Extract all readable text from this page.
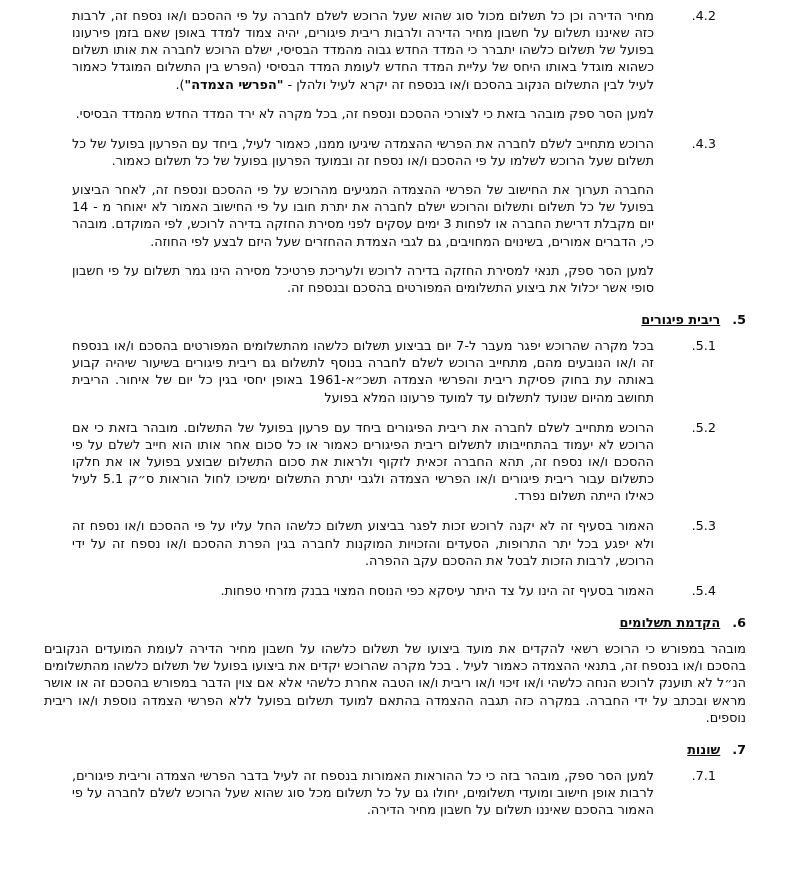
4.2.

מחיר הדירה וכן כל תשלום מכול סוג שהוא שעל הרוכש לשלם לחברה על פי ההסכם ו/או נספח זה, לרבות כזה שאיננו תשלום על חשבון מחיר הדירה ולרבות ריבית פיגורים, יהיה צמוד למדד באופן שאם בזמן פירעונו בפועל של תשלום כלשהו יתברר כי המדד החדש גבוה מהמדד הבסיסי, ישלם הרוכש לחברה את אותו תשלום כשהוא מוגדל באותו היחס של עליית המדד החדש לעומת המדד הבסיסי (הפרש בין התשלום המוגדל כאמור לעיל לבין התשלום הנקוב בהסכם ו/או בנספח זה יקרא לעיל ולהלן - "הפרשי הצמדה").

למען הסר ספק מובהר בזאת כי לצורכי ההסכם ונספח זה, בכל מקרה לא ירד המדד החדש מהמדד הבסיסי.

4.3.

הרוכש מתחייב לשלם לחברה את הפרשי ההצמדה שיגיעו ממנו, כאמור לעיל, ביחד עם הפרעון בפועל של כל תשלום שעל הרוכש לשלמו על פי ההסכם ו/או נספח זה ובמועד הפרעון בפועל של כל תשלום כאמור.

החברה תערוך את החישוב של הפרשי ההצמדה המגיעים מהרוכש על פי ההסכם ונספח זה, לאחר הביצוע בפועל של כל תשלום ותשלום והרוכש ישלם לחברה את יתרת חובו על פי החישוב האמור לא יאוחר מ - 14 יום מקבלת דרישת החברה או לפחות 3 ימים עסקים לפני מסירת החזקה בדירה לרוכש, לפי המוקדם. מובהר כי, הדברים אמורים, בשינוים המחויבים, גם לגבי הצמדת ההחזרים שעל היזם לבצע לפי החוזה.

למען הסר ספק, תנאי למסירת החזקה בדירה לרוכש ולעריכת פרטיכל מסירה הינו גמר תשלום על פי חשבון סופי אשר יכלול את ביצוע התשלומים המפורטים בהסכם ובנספח זה.

5.
ריבית פיגורים
5.1.

בכל מקרה שהרוכש יפגר מעבר ל-7 יום בביצוע תשלום כלשהו מהתשלומים המפורטים בהסכם ו/או בנספח זה ו/או הנובעים מהם, מתחייב הרוכש לשלם לחברה בנוסף לתשלום גם ריבית פיגורים בשיעור שיהיה קבוע באותה עת בחוק פסיקת ריבית והפרשי הצמדה תשכ״א-1961 באופן יחסי בגין כל יום של איחור. הריבית תחושב מהיום שנועד לתשלום עד למועד פרעונו המלא בפועל

5.2.

הרוכש מתחייב לשלם לחברה את ריבית הפיגורים ביחד עם פרעון בפועל של התשלום. מובהר בזאת כי אם הרוכש לא יעמוד בהתחייבותו לתשלום ריבית הפיגורים כאמור או כל סכום אחר אותו הוא חייב לשלם על פי ההסכם ו/או נספח זה, תהא החברה זכאית לזקוף ולראות את סכום התשלום שבוצע בפועל או את חלקו כתשלום עבור ריבית פיגורים ו/או הפרשי הצמדה ולגבי יתרת התשלום ימשיכו לחול הוראות ס״ק 5.1 לעיל כאילו הייתה תשלום נפרד.

5.3.

האמור בסעיף זה לא יקנה לרוכש זכות לפגר בביצוע תשלום כלשהו החל עליו על פי ההסכם ו/או נספח זה ולא יפגע בכל יתר התרופות, הסעדים והזכויות המוקנות לחברה בגין הפרת ההסכם ו/או נספח זה על ידי הרוכש, לרבות הזכות לבטל את ההסכם עקב ההפרה.

5.4.

האמור בסעיף זה הינו על צד היתר עיסקא כפי הנוסח המצוי בבנק מזרחי טפחות.

6.
הקדמת תשלומים

מובהר במפורש כי הרוכש רשאי להקדים את מועד ביצועו של תשלום כלשהו על חשבון מחיר הדירה לעומת המועדים הנקובים בהסכם ו/או בנספח זה, בתנאי ההצמדה כאמור לעיל . בכל מקרה שהרוכש יקדים את ביצועו בפועל של תשלום כלשהו מהתשלומים הנ״ל לא תוענק לרוכש הנחה כלשהי ו/או זיכוי ו/או ריבית ו/או הטבה אחרת כלשהי אלא אם צוין הדבר במפורש בהסכם זה או אושר מראש ובכתב על ידי החברה. במקרה כזה תגבה ההצמדה בהתאם למועד תשלום בפועל ללא הפרשי הצמדה נוספת ו/או ריבית נוספים.

7.
שונות
7.1.

למען הסר ספק, מובהר בזה כי כל ההוראות האמורות בנספח זה לעיל בדבר הפרשי הצמדה וריבית פיגורים, לרבות אופן חישוב ומועדי תשלומים, יחולו גם על כל תשלום מכל סוג שהוא שעל הרוכש לשלם לחברה על פי האמור בהסכם שאיננו תשלום על חשבון מחיר הדירה.
